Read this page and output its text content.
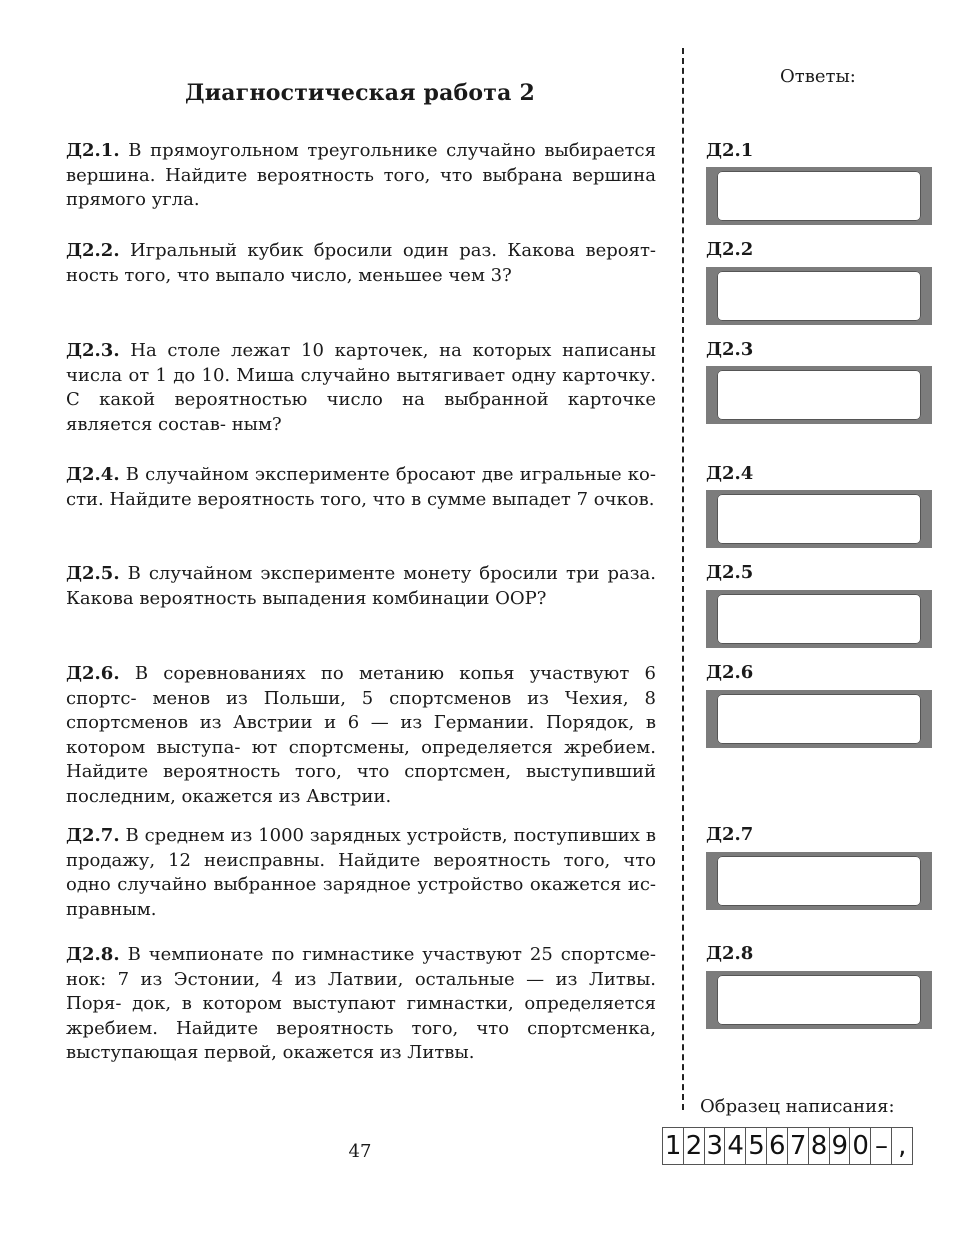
Диагностическая работа 2
Ответы:
Д2.1. В прямоугольном треугольнике случайно выбирается вершина. Найдите вероятность того, что выбрана вершина прямого угла.
Д2.2. Игральный кубик бросили один раз. Какова вероят- ность того, что выпало число, меньшее чем 3?
Д2.3. На столе лежат 10 карточек, на которых написаны числа от 1 до 10. Миша случайно вытягивает одну карточку. С какой вероятностью число на выбранной карточке является состав- ным?
Д2.4. В случайном эксперименте бросают две игральные ко- сти. Найдите вероятность того, что в сумме выпадет 7 очков.
Д2.5. В случайном эксперименте монету бросили три раза. Какова вероятность выпадения комбинации ООР?
Д2.6. В соревнованиях по метанию копья участвуют 6 спортс- менов из Польши, 5 спортсменов из Чехия, 8 спортсменов из Австрии и 6 — из Германии. Порядок, в котором выступа- ют спортсмены, определяется жребием. Найдите вероятность того, что спортсмен, выступивший последним, окажется из Австрии.
Д2.7. В среднем из 1000 зарядных устройств, поступивших в продажу, 12 неисправны. Найдите вероятность того, что одно случайно выбранное зарядное устройство окажется ис- правным.
Д2.8. В чемпионате по гимнастике участвуют 25 спортсме- нок: 7 из Эстонии, 4 из Латвии, остальные — из Литвы. Поря- док, в котором выступают гимнастки, определяется жребием. Найдите вероятность того, что спортсменка, выступающая первой, окажется из Литвы.
Д2.1
Д2.2
Д2.3
Д2.4
Д2.5
Д2.6
Д2.7
Д2.8
Образец написания:
1 2 3 4 5 6 7 8 9 0 – ,
47
